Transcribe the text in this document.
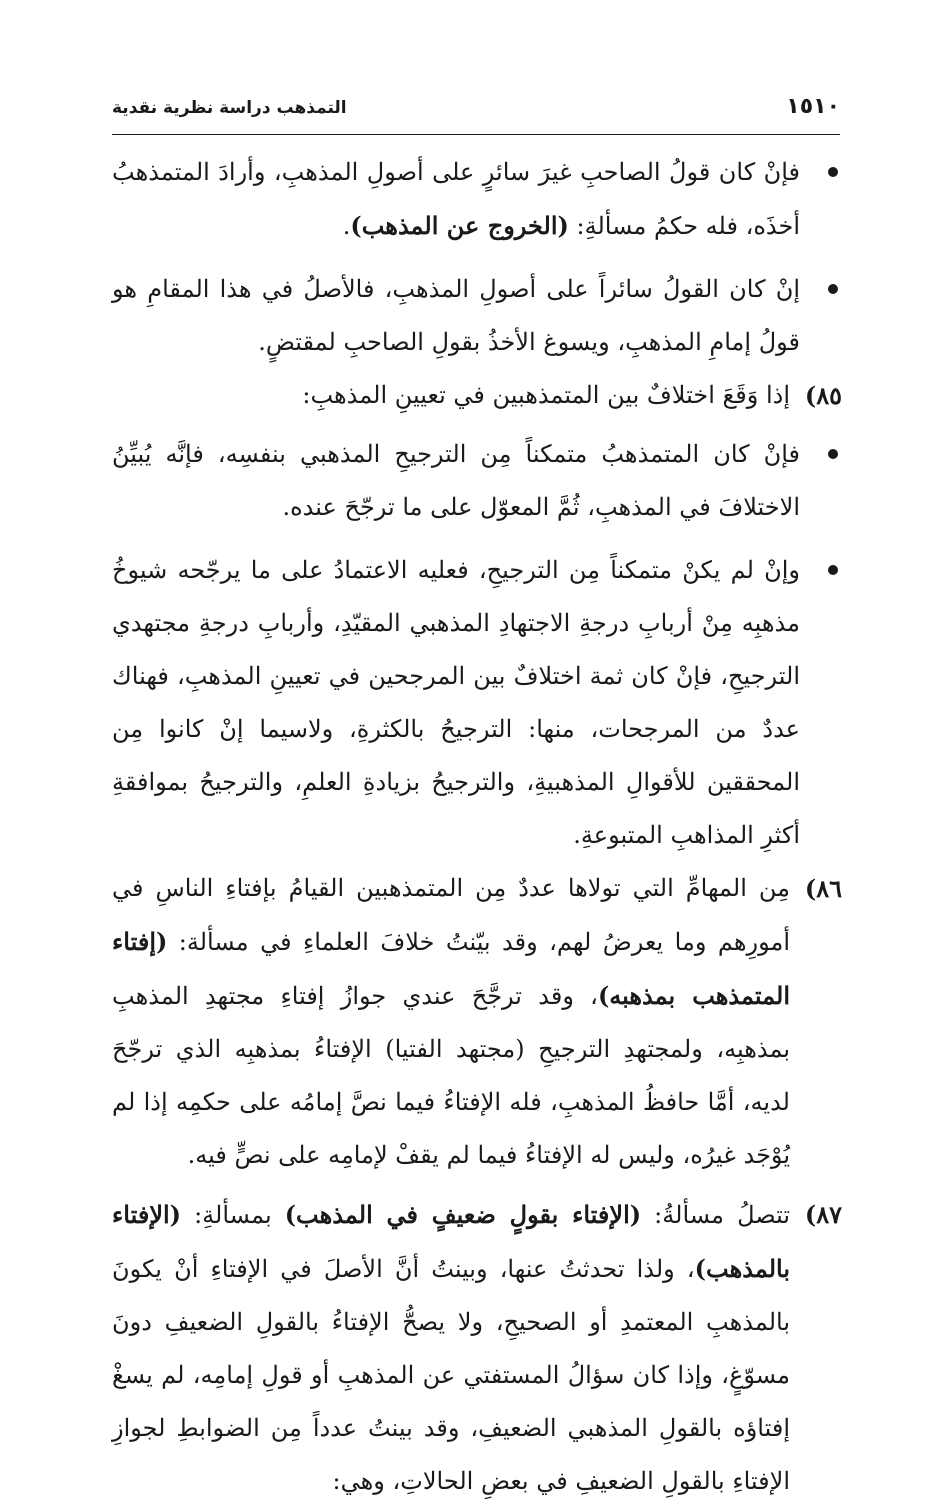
١٥١٠
التمذهب دراسة نظرية نقدية
فإنْ كان قولُ الصاحبِ غيرَ سائرٍ على أصولِ المذهبِ، وأرادَ المتمذهبُ أخذَه، فله حكمُ مسألةِ: (الخروج عن المذهب).
إنْ كان القولُ سائراً على أصولِ المذهبِ، فالأصلُ في هذا المقامِ هو قولُ إمامِ المذهبِ، ويسوغ الأخذُ بقولِ الصاحبِ لمقتضٍ.
٨٥)
إذا وَقَعَ اختلافٌ بين المتمذهبين في تعيينِ المذهبِ:
فإنْ كان المتمذهبُ متمكناً مِن الترجيحِ المذهبي بنفسِه، فإنَّه يُبيِّنُ الاختلافَ في المذهبِ، ثُمَّ المعوّل على ما ترجّحَ عنده.
وإنْ لم يكنْ متمكناً مِن الترجيحِ، فعليه الاعتمادُ على ما يرجّحه شيوخُ مذهبِه مِنْ أربابِ درجةِ الاجتهادِ المذهبي المقيّدِ، وأربابِ درجةِ مجتهدي الترجيحِ، فإنْ كان ثمة اختلافٌ بين المرجحين في تعيينِ المذهبِ، فهناك عددٌ من المرجحات، منها: الترجيحُ بالكثرةِ، ولاسيما إنْ كانوا مِن المحققين للأقوالِ المذهبيةِ، والترجيحُ بزيادةِ العلمِ، والترجيحُ بموافقةِ أكثرِ المذاهبِ المتبوعةِ.
٨٦)
مِن المهامِّ التي تولاها عددٌ مِن المتمذهبين القيامُ بإفتاءِ الناسِ في أمورِهم وما يعرضُ لهم، وقد بيّنتُ خلافَ العلماءِ في مسألة: (إفتاء المتمذهب بمذهبه)، وقد ترجَّحَ عندي جوازُ إفتاءِ مجتهدِ المذهبِ بمذهبِه، ولمجتهدِ الترجيحِ (مجتهد الفتيا) الإفتاءُ بمذهبِه الذي ترجّحَ لديه، أمَّا حافظُ المذهبِ، فله الإفتاءُ فيما نصَّ إمامُه على حكمِه إذا لم يُوْجَد غيرُه، وليس له الإفتاءُ فيما لم يقفْ لإمامِه على نصٍّ فيه.
٨٧)
تتصلُ مسألةُ: (الإفتاء بقولٍ ضعيفٍ في المذهب) بمسألةِ: (الإفتاء بالمذهب)، ولذا تحدثتُ عنها، وبينتُ أنَّ الأصلَ في الإفتاءِ أنْ يكونَ بالمذهبِ المعتمدِ أو الصحيحِ، ولا يصحُّ الإفتاءُ بالقولِ الضعيفِ دونَ مسوّغٍ، وإذا كان سؤالُ المستفتي عن المذهبِ أو قولِ إمامِه، لم يسغْ إفتاؤه بالقولِ المذهبي الضعيفِ، وقد بينتُ عدداً مِن الضوابطِ لجوازِ الإفتاءِ بالقولِ الضعيفِ في بعضِ الحالاتِ، وهي:
